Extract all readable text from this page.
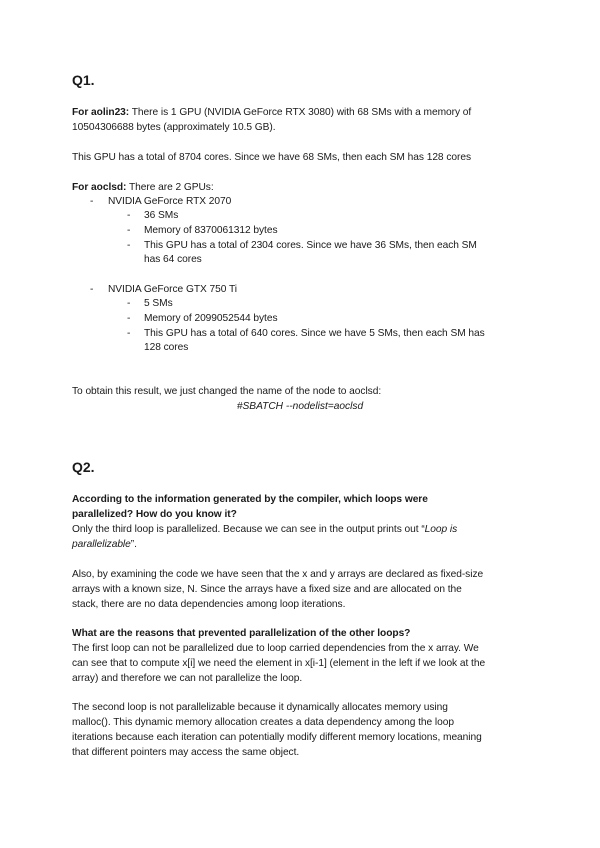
Q1.
For aolin23: There is 1 GPU (NVIDIA GeForce RTX 3080) with 68 SMs with a memory of
10504306688 bytes (approximately 10.5 GB).
This GPU has a total of 8704 cores. Since we have 68 SMs, then each SM has 128 cores
For aoclsd: There are 2 GPUs:
- NVIDIA GeForce RTX 2070
- 36 SMs
- Memory of 8370061312 bytes
- This GPU has a total of 2304 cores. Since we have 36 SMs, then each SM
has 64 cores
- NVIDIA GeForce GTX 750 Ti
- 5 SMs
- Memory of 2099052544 bytes
- This GPU has a total of 640 cores. Since we have 5 SMs, then each SM has
128 cores
To obtain this result, we just changed the name of the node to aoclsd:
#SBATCH --nodelist=aoclsd
Q2.
According to the information generated by the compiler, which loops were
parallelized? How do you know it?
Only the third loop is parallelized. Because we can see in the output prints out “Loop is
parallelizable”.
Also, by examining the code we have seen that the x and y arrays are declared as fixed-size
arrays with a known size, N. Since the arrays have a fixed size and are allocated on the
stack, there are no data dependencies among loop iterations.
What are the reasons that prevented parallelization of the other loops?
The first loop can not be parallelized due to loop carried dependencies from the x array. We
can see that to compute x[i] we need the element in x[i-1] (element in the left if we look at the
array) and therefore we can not parallelize the loop.
The second loop is not parallelizable because it dynamically allocates memory using
malloc(). This dynamic memory allocation creates a data dependency among the loop
iterations because each iteration can potentially modify different memory locations, meaning
that different pointers may access the same object.
